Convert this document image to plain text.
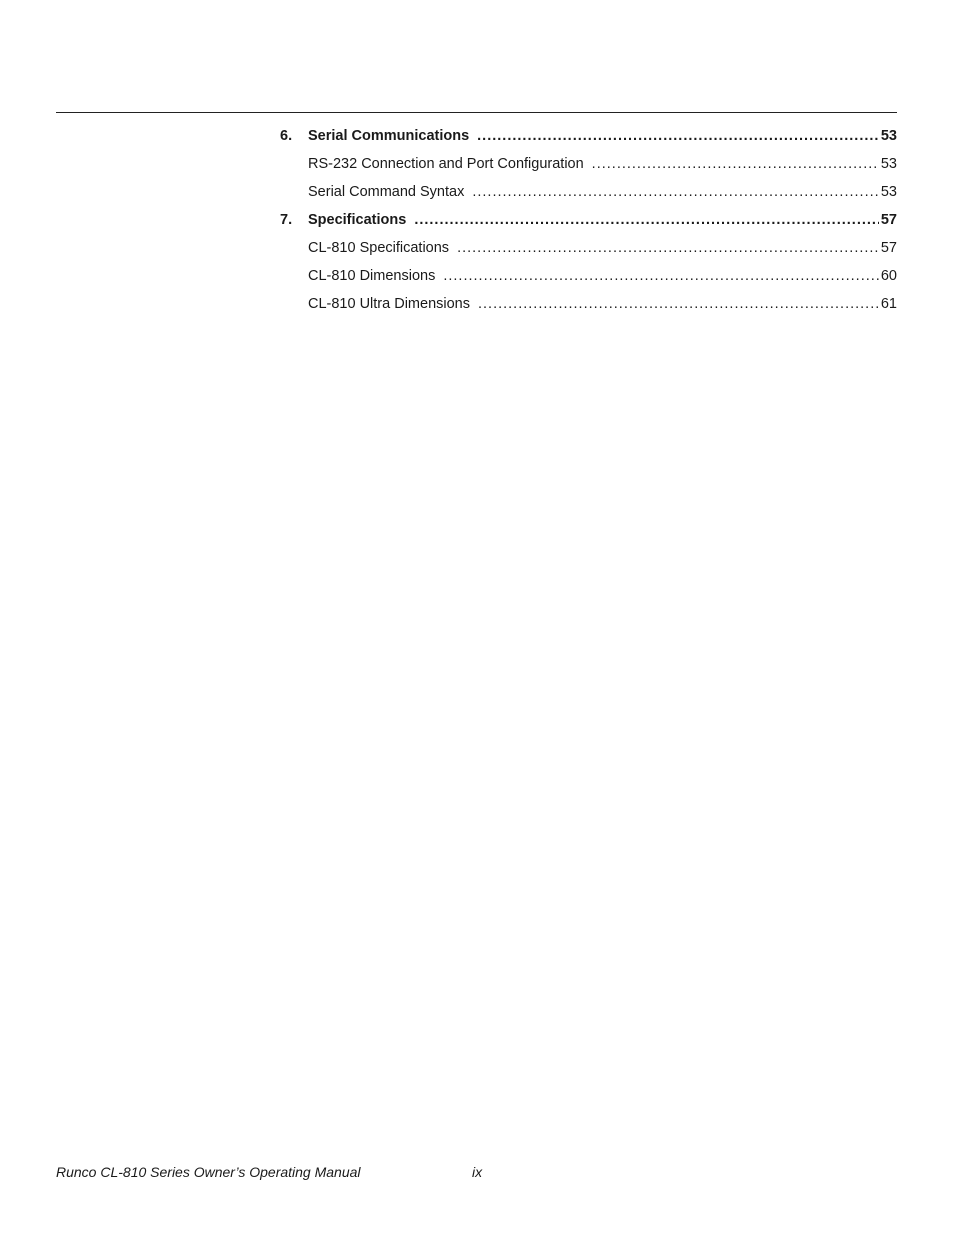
6.	Serial Communications .....	53
RS-232 Connection and Port Configuration .....	53
Serial Command Syntax .....	53
7.	Specifications .....	57
CL-810 Specifications .....	57
CL-810 Dimensions .....	60
CL-810 Ultra Dimensions .....	61
Runco CL-810 Series Owner’s Operating Manual	ix
